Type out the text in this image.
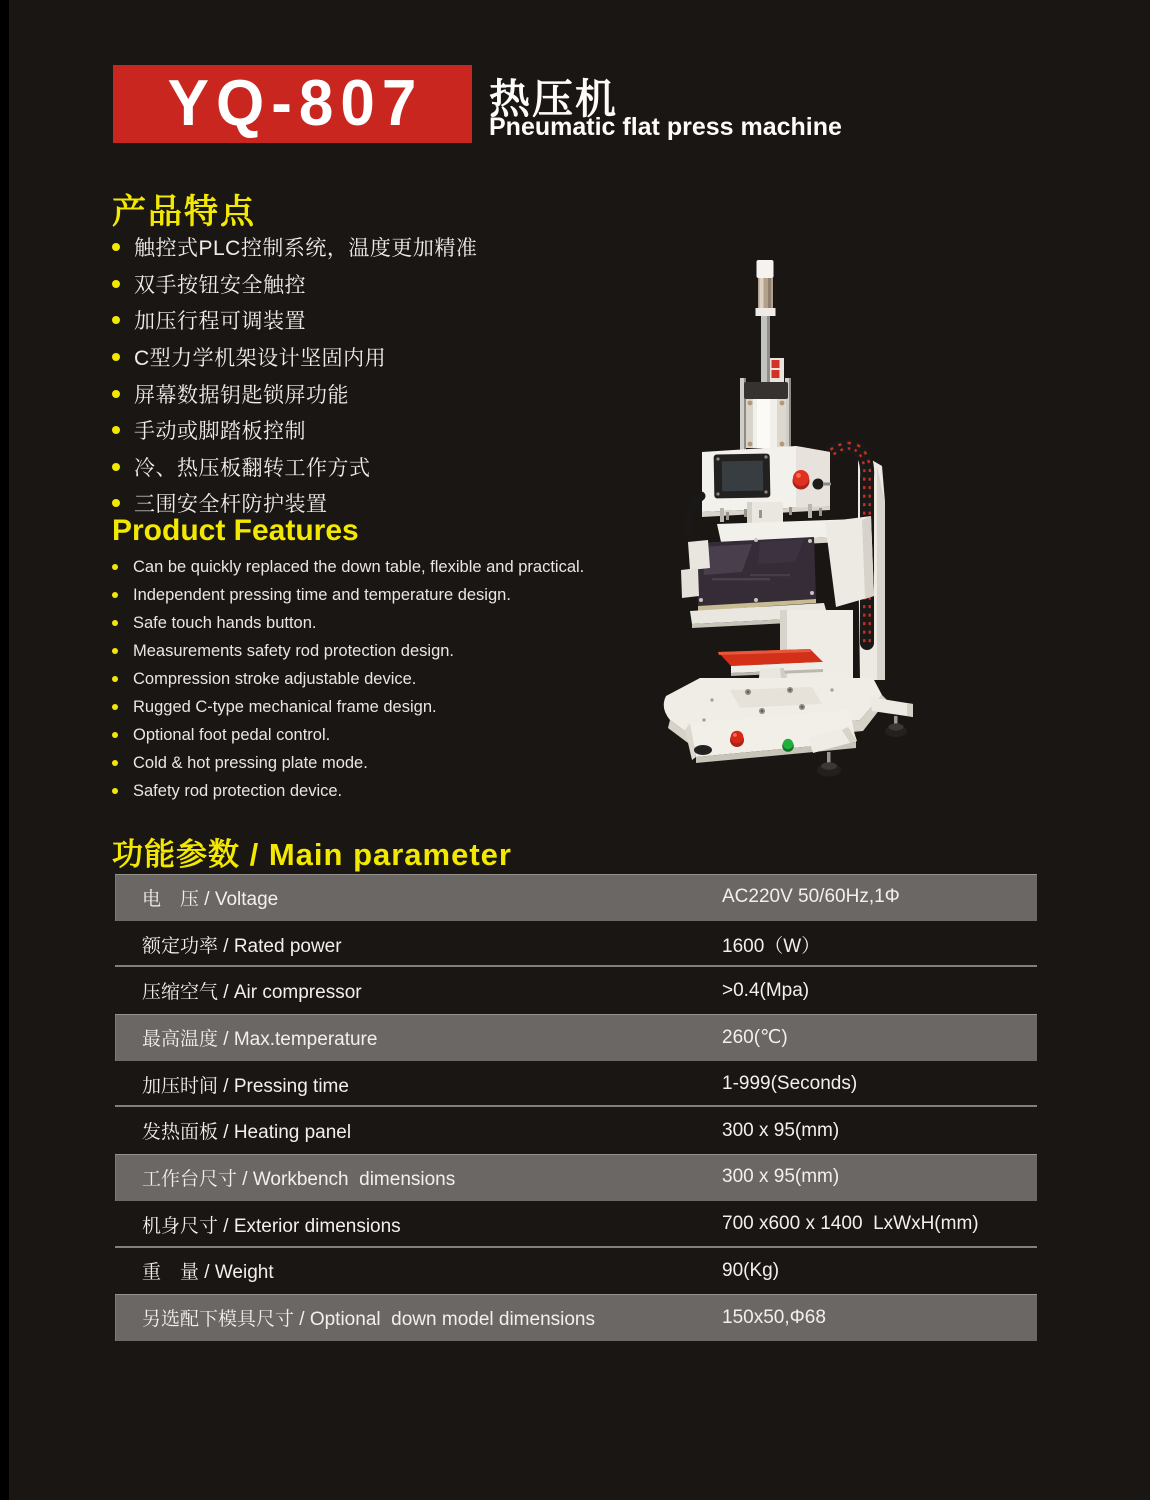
YQ-807 热压机
Pneumatic flat press machine
产品特点
触控式PLC控制系统，温度更加精准
双手按钮安全触控
加压行程可调装置
C型力学机架设计坚固内用
屏幕数据钥匙锁屏功能
手动或脚踏板控制
冷、热压板翻转工作方式
三围安全杆防护装置
Product Features
Can be quickly replaced the down table, flexible and practical.
Independent pressing time and temperature design.
Safe touch hands button.
Measurements safety rod protection design.
Compression stroke adjustable device.
Rugged C-type mechanical frame design.
Optional foot pedal control.
Cold & hot pressing plate mode.
Safety rod protection device.
功能参数 / Main parameter
电　压 / Voltage	AC220V 50/60Hz,1Φ
额定功率 / Rated power	1600（W）
压缩空气 / Air compressor	>0.4(Mpa)
最高温度 / Max.temperature	260(℃)
加压时间 / Pressing time	1-999(Seconds)
发热面板 / Heating panel	300 x 95(mm)
工作台尺寸 / Workbench  dimensions	300 x 95(mm)
机身尺寸 / Exterior dimensions	700 x600 x 1400  LxWxH(mm)
重　量 / Weight	90(Kg)
另选配下模具尺寸 / Optional  down model dimensions	150x50,Φ68
